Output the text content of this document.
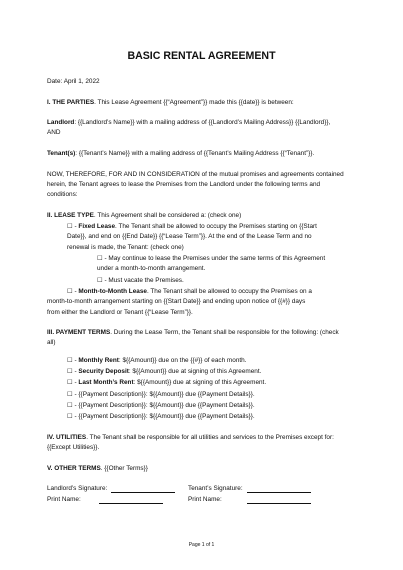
BASIC RENTAL AGREEMENT

Date: April 1, 2022

I. THE PARTIES. This Lease Agreement {{“Agreement”}} made this {{date}} is between:

Landlord: {{Landlord’s Name}} with a mailing address of {{Landlord’s Mailing Address}} {{Landlord}},

AND

Tenant(s): {{Tenant’s Name}} with a mailing address of {{Tenant’s Mailing Address {{“Tenant”}}.

NOW, THEREFORE, FOR AND IN CONSIDERATION of the mutual promises and agreements contained

herein, the Tenant agrees to lease the Premises from the Landlord under the following terms and

conditions:

II. LEASE TYPE. This Agreement shall be considered a: (check one)

☐ - Fixed Lease. The Tenant shall be allowed to occupy the Premises starting on {{Start

Date}}, and end on {{End Date}} {{“Lease Term”}}. At the end of the Lease Term and no

renewal is made, the Tenant: (check one)

☐ - May continue to lease the Premises under the same terms of this Agreement

under a month-to-month arrangement.

☐ - Must vacate the Premises.

☐ - Month-to-Month Lease. The Tenant shall be allowed to occupy the Premises on a

month-to-month arrangement starting on {{Start Date}} and ending upon notice of {{#}} days

from either the Landlord or Tenant {{“Lease Term”}}.

III. PAYMENT TERMS. During the Lease Term, the Tenant shall be responsible for the following: (check

all)

☐ - Monthly Rent: ${{Amount}} due on the {{#}} of each month.

☐ - Security Deposit: ${{Amount}} due at signing of this Agreement.

☐ - Last Month’s Rent: ${{Amount}} due at signing of this Agreement.

☐ - {{Payment Description}}: ${{Amount}} due {{Payment Details}}.

☐ - {{Payment Description}}: ${{Amount}} due {{Payment Details}}.

☐ - {{Payment Description}}: ${{Amount}} due {{Payment Details}}.

IV. UTILITIES. The Tenant shall be responsible for all utilities and services to the Premises except for:

{{Except Utilities}}.

V. OTHER TERMS. {{Other Terms}}

Landlord’s Signature:	Tenant’s Signature:
Print Name:	Print Name:
Page 1 of 1
